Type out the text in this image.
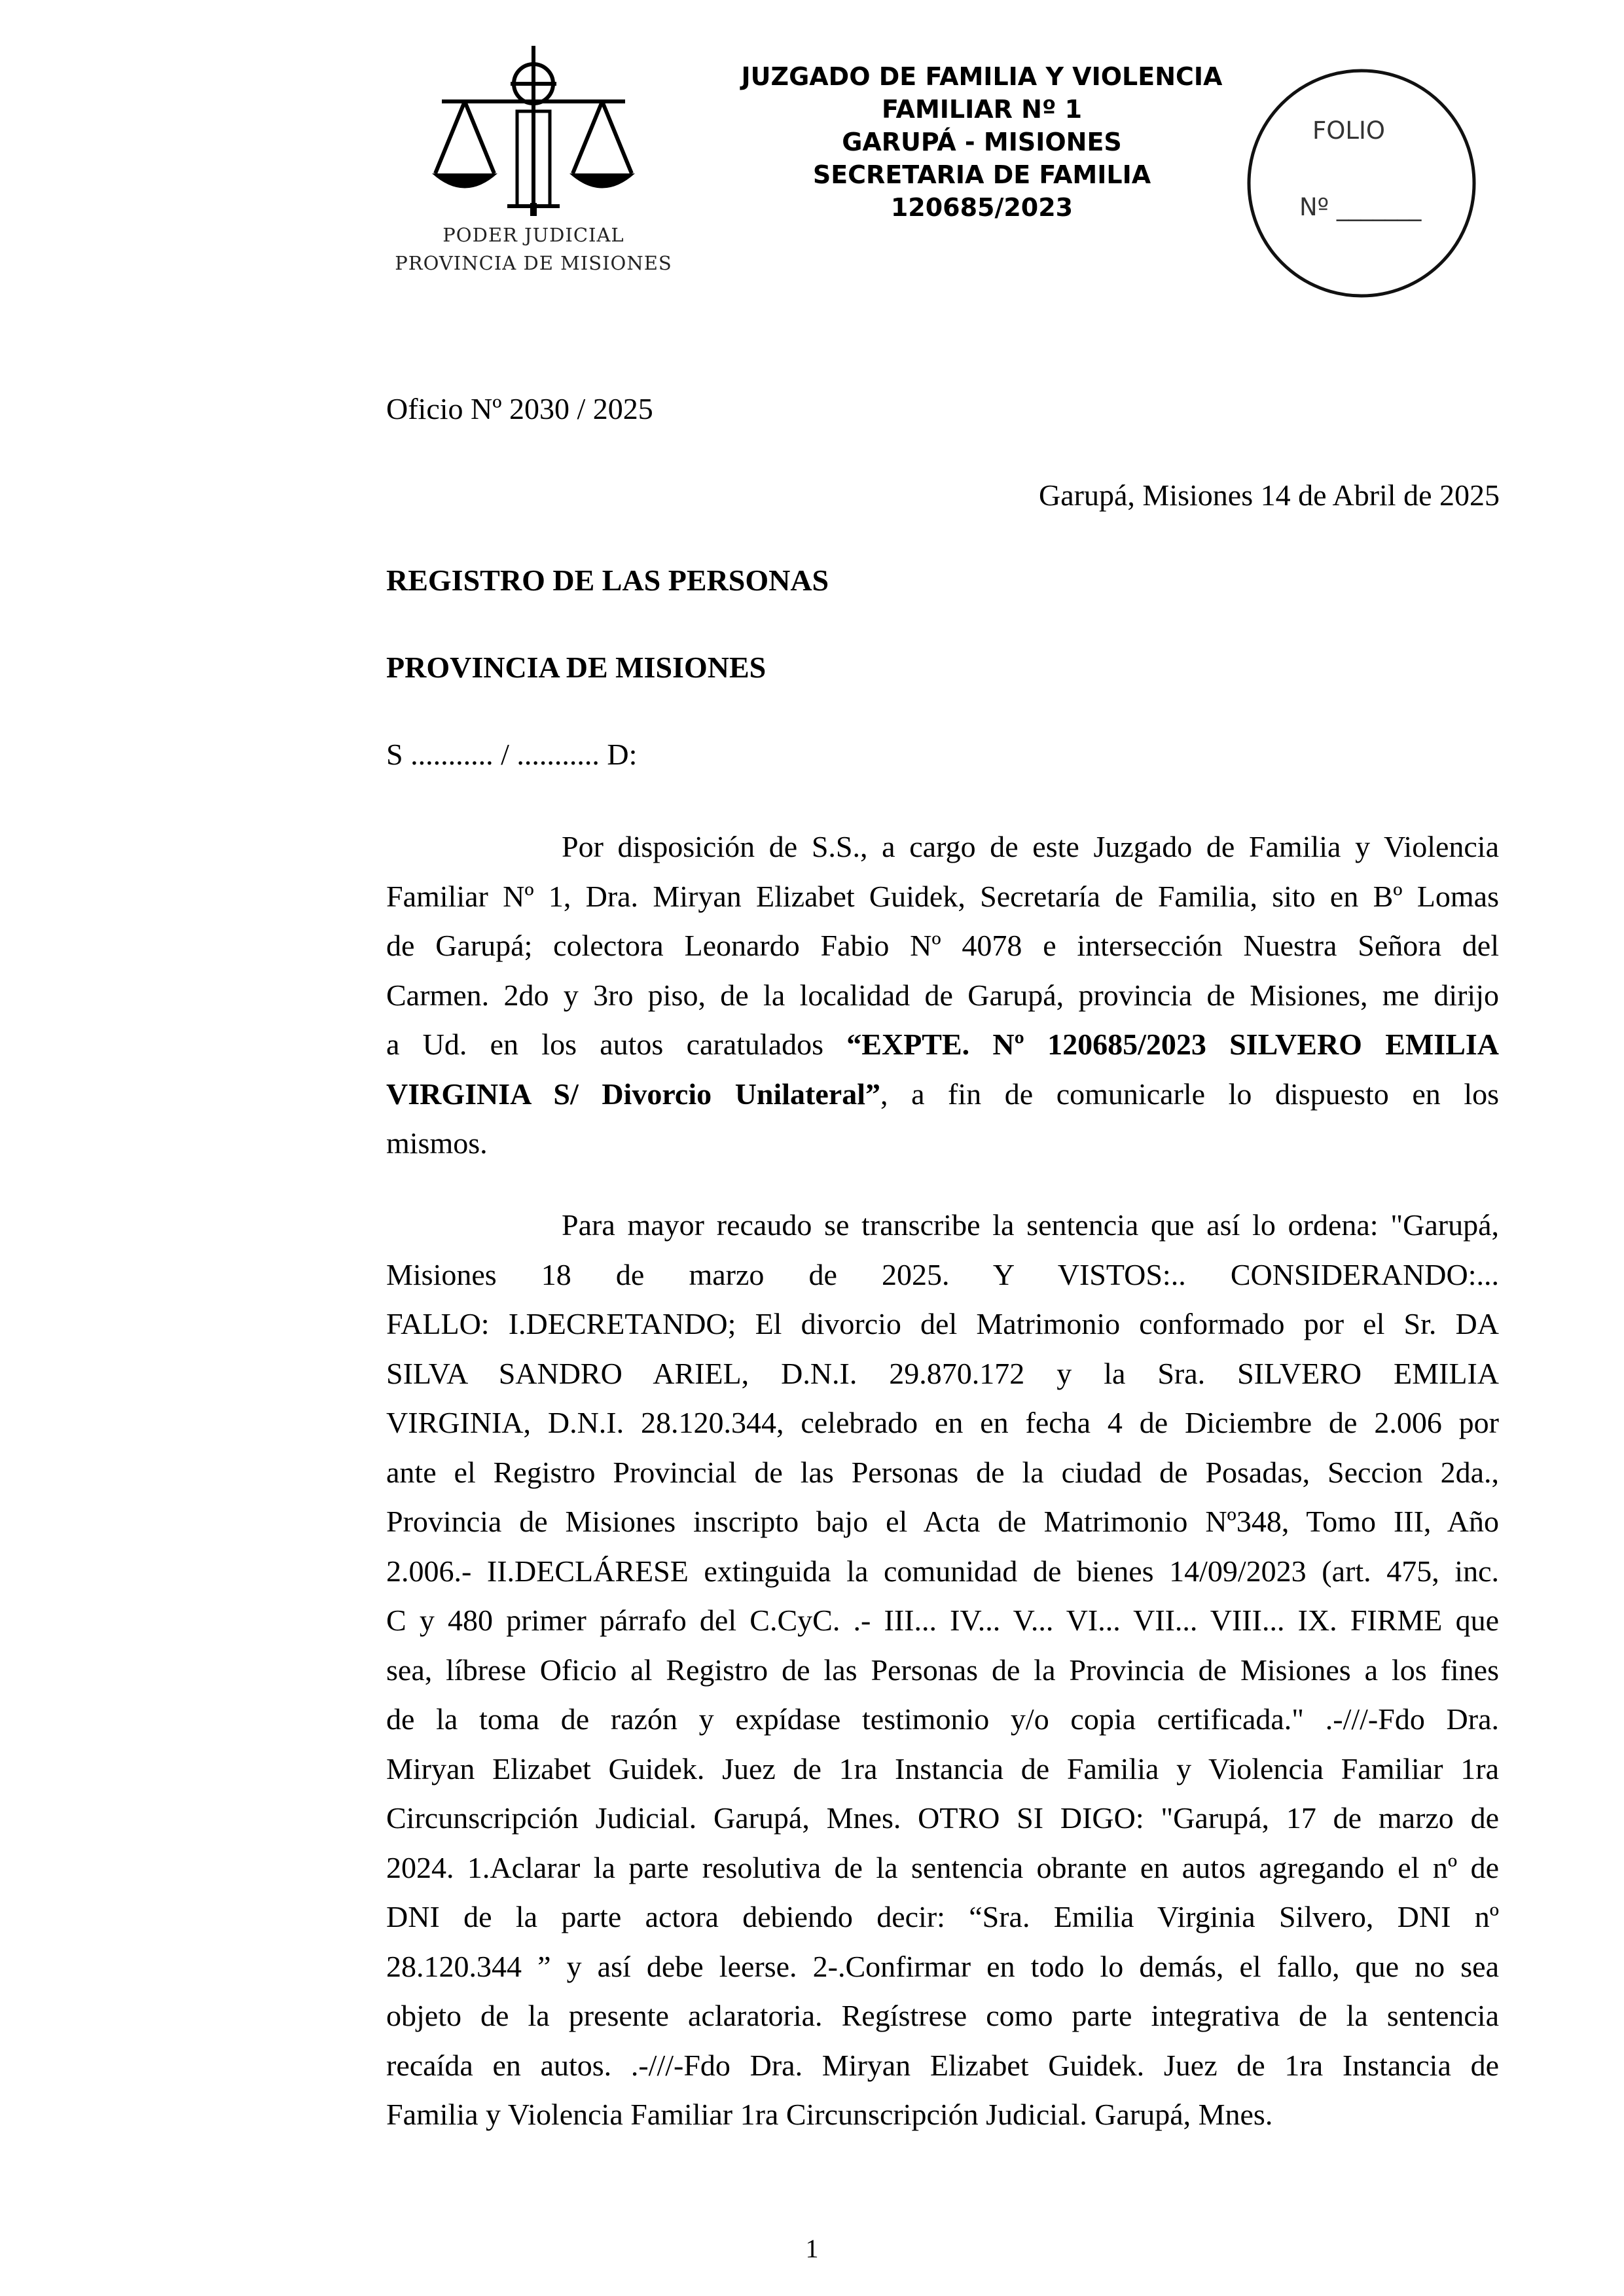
PODER JUDICIAL
PROVINCIA DE MISIONES
JUZGADO DE FAMILIA Y VIOLENCIA
FAMILIAR Nº 1
GARUPÁ - MISIONES
SECRETARIA DE FAMILIA
120685/2023
FOLIO
Nº _______
Oficio Nº 2030 / 2025
Garupá, Misiones 14 de Abril de 2025
REGISTRO DE LAS PERSONAS
PROVINCIA DE MISIONES
S ........... / ........... D:
Por disposición de S.S., a cargo de este Juzgado de Familia y Violencia
Familiar Nº 1, Dra. Miryan Elizabet Guidek, Secretaría de Familia, sito en Bº Lomas
de Garupá; colectora Leonardo Fabio Nº 4078 e intersección Nuestra Señora del
Carmen. 2do y 3ro piso, de la localidad de Garupá, provincia de Misiones, me dirijo
a Ud. en los autos caratulados “EXPTE. Nº 120685/2023 SILVERO EMILIA
VIRGINIA S/ Divorcio Unilateral”, a fin de comunicarle lo dispuesto en los
mismos.
Para mayor recaudo se transcribe la sentencia que así lo ordena: "Garupá,
Misiones 18 de marzo de 2025. Y VISTOS:.. CONSIDERANDO:...
FALLO: I.DECRETANDO; El divorcio del Matrimonio conformado por el Sr. DA
SILVA SANDRO ARIEL, D.N.I. 29.870.172 y la Sra. SILVERO EMILIA
VIRGINIA, D.N.I. 28.120.344, celebrado en en fecha 4 de Diciembre de 2.006 por
ante el Registro Provincial de las Personas de la ciudad de Posadas, Seccion 2da.,
Provincia de Misiones inscripto bajo el Acta de Matrimonio Nº348, Tomo III, Año
2.006.- II.DECLÁRESE extinguida la comunidad de bienes 14/09/2023 (art. 475, inc.
C y 480 primer párrafo del C.CyC. .- III... IV... V... VI... VII... VIII... IX. FIRME que
sea, líbrese Oficio al Registro de las Personas de la Provincia de Misiones a los fines
de la toma de razón y expídase testimonio y/o copia certificada." .-///-Fdo Dra.
Miryan Elizabet Guidek. Juez de 1ra Instancia de Familia y Violencia Familiar 1ra
Circunscripción Judicial. Garupá, Mnes. OTRO SI DIGO: "Garupá, 17 de marzo de
2024. 1.Aclarar la parte resolutiva de la sentencia obrante en autos agregando el nº de
DNI de la parte actora debiendo decir: “Sra. Emilia Virginia Silvero, DNI nº
28.120.344 ” y así debe leerse. 2-.Confirmar en todo lo demás, el fallo, que no sea
objeto de la presente aclaratoria. Regístrese como parte integrativa de la sentencia
recaída en autos. .-///-Fdo Dra. Miryan Elizabet Guidek. Juez de 1ra Instancia de
Familia y Violencia Familiar 1ra Circunscripción Judicial. Garupá, Mnes.
1
